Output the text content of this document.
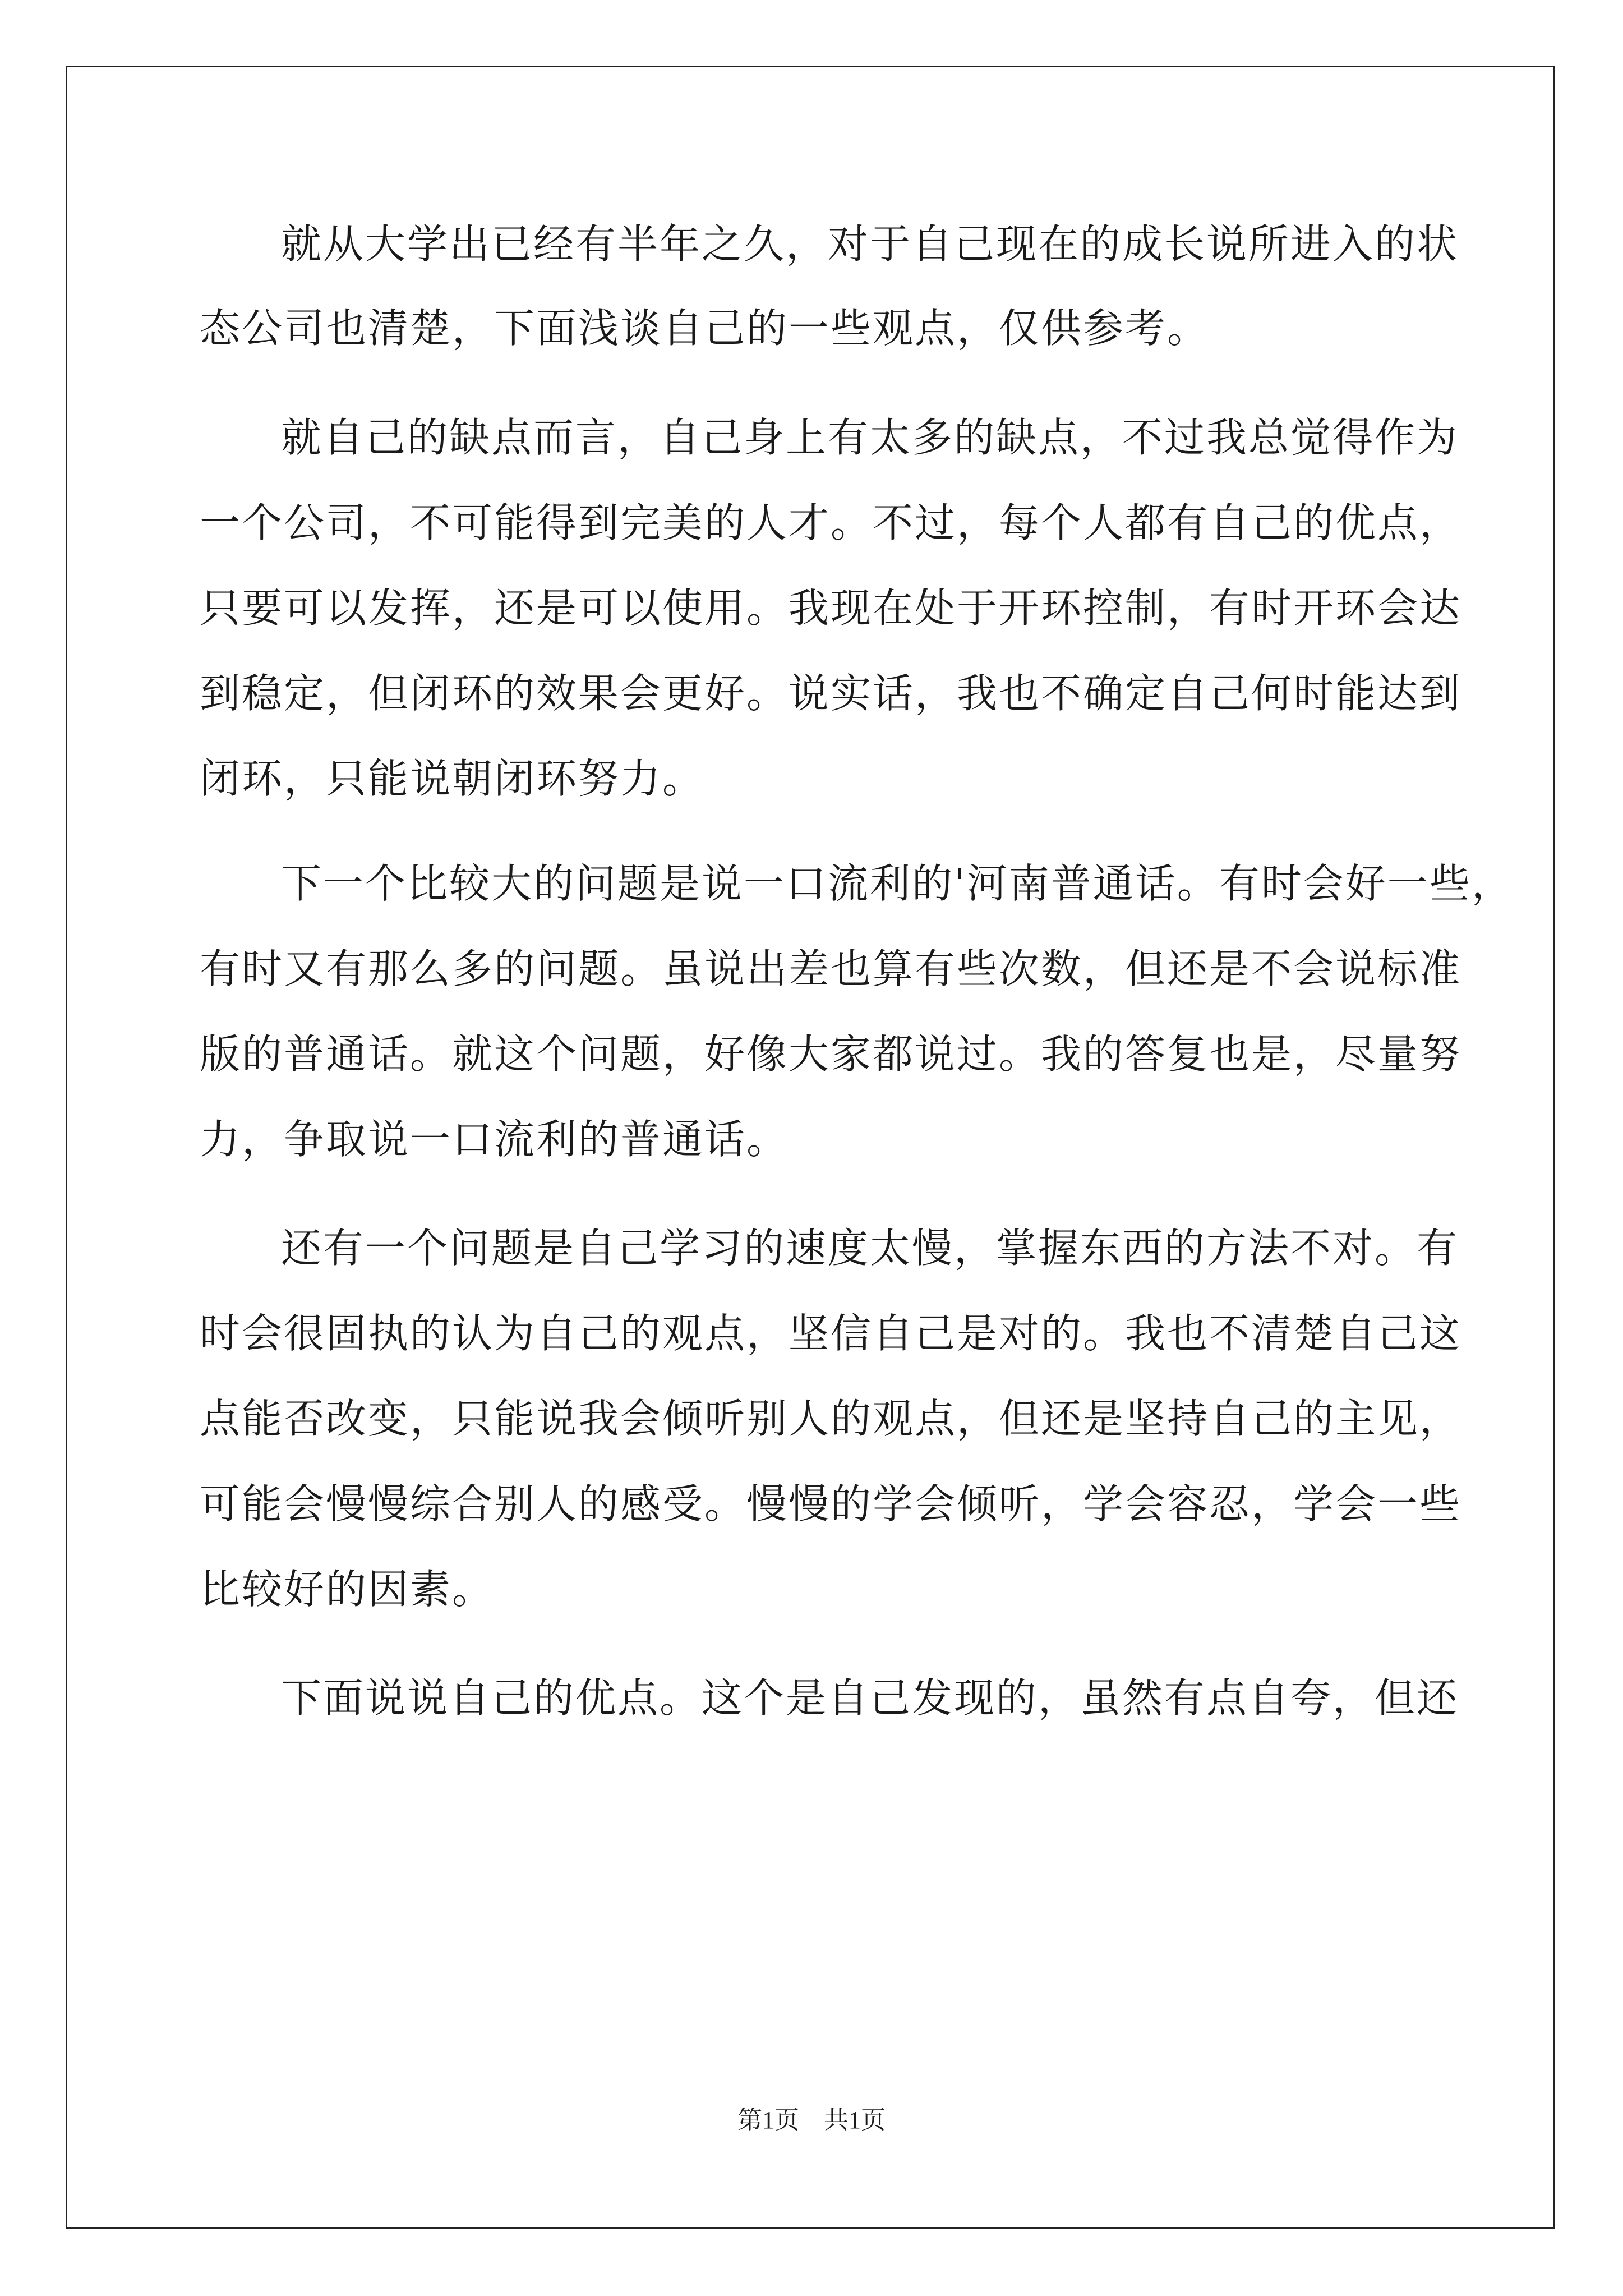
就从大学出已经有半年之久，对于自己现在的成长说所进入的状
态公司也清楚，下面浅谈自己的一些观点，仅供参考。
就自己的缺点而言，自己身上有太多的缺点，不过我总觉得作为
一个公司，不可能得到完美的人才。不过，每个人都有自己的优点，
只要可以发挥，还是可以使用。我现在处于开环控制，有时开环会达
到稳定，但闭环的效果会更好。说实话，我也不确定自己何时能达到
闭环，只能说朝闭环努力。
下一个比较大的问题是说一口流利的'河南普通话。有时会好一些，
有时又有那么多的问题。虽说出差也算有些次数，但还是不会说标准
版的普通话。就这个问题，好像大家都说过。我的答复也是，尽量努
力，争取说一口流利的普通话。
还有一个问题是自己学习的速度太慢，掌握东西的方法不对。有
时会很固执的认为自己的观点，坚信自己是对的。我也不清楚自己这
点能否改变，只能说我会倾听别人的观点，但还是坚持自己的主见，
可能会慢慢综合别人的感受。慢慢的学会倾听，学会容忍，学会一些
比较好的因素。
下面说说自己的优点。这个是自己发现的，虽然有点自夸，但还
第1页　共1页
